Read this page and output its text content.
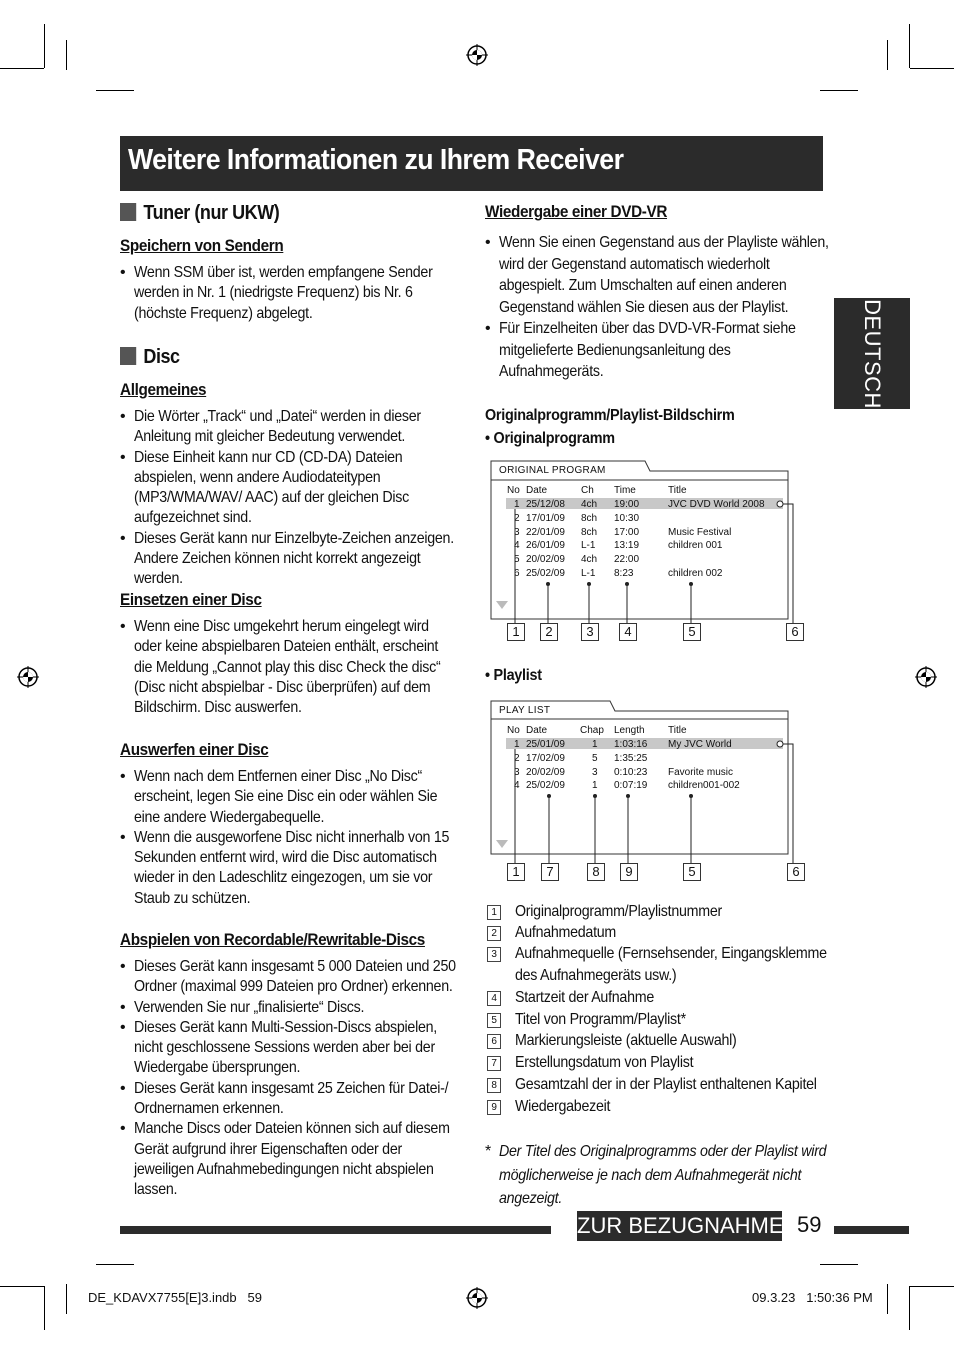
Weitere Informationen zu Ihrem Receiver
DEUTSCH
Tuner (nur UKW)
Speichern von Sendern
• Wenn SSM über ist, werden empfangene Sender werden in Nr. 1 (niedrigste Frequenz) bis Nr. 6 (höchste Frequenz) abgelegt.
Disc
Allgemeines
• Die Wörter „Track“ und „Datei“ werden in dieser Anleitung mit gleicher Bedeutung verwendet.
• Diese Einheit kann nur CD (CD-DA) Dateien abspielen, wenn andere Audiodateitypen (MP3/WMA/WAV/ AAC) auf der gleichen Disc aufgezeichnet sind.
• Dieses Gerät kann nur Einzelbyte-Zeichen anzeigen. Andere Zeichen können nicht korrekt angezeigt werden.
Einsetzen einer Disc
• Wenn eine Disc umgekehrt herum eingelegt wird oder keine abspielbaren Dateien enthält, erscheint die Meldung „Cannot play this disc Check the disc“ (Disc nicht abspielbar - Disc überprüfen) auf dem Bildschirm. Disc auswerfen.
Auswerfen einer Disc
• Wenn nach dem Entfernen einer Disc „No Disc“ erscheint, legen Sie eine Disc ein oder wählen Sie eine andere Wiedergabequelle.
• Wenn die ausgeworfene Disc nicht innerhalb von 15 Sekunden entfernt wird, wird die Disc automatisch wieder in den Ladeschlitz eingezogen, um sie vor Staub zu schützen.
Abspielen von Recordable/Rewritable-Discs
• Dieses Gerät kann insgesamt 5 000 Dateien und 250 Ordner (maximal 999 Dateien pro Ordner) erkennen.
• Verwenden Sie nur „finalisierte“ Discs.
• Dieses Gerät kann Multi-Session-Discs abspielen, nicht geschlossene Sessions werden aber bei der Wiedergabe übersprungen.
• Dieses Gerät kann insgesamt 25 Zeichen für Datei-/ Ordnernamen erkennen.
• Manche Discs oder Dateien können sich auf diesem Gerät aufgrund ihrer Eigenschaften oder der jeweiligen Aufnahmebedingungen nicht abspielen lassen.
Wiedergabe einer DVD-VR
• Wenn Sie einen Gegenstand aus der Playliste wählen, wird der Gegenstand automatisch wiederholt abgespielt. Zum Umschalten auf einen anderen Gegenstand wählen Sie diesen aus der Playlist.
• Für Einzelheiten über das DVD-VR-Format siehe mitgelieferte Bedienungsanleitung des Aufnahmegeräts.
Originalprogramm/Playlist-Bildschirm
• Originalprogramm
ORIGINAL PROGRAM
No Date	Ch Time	Title
1 25/12/08 4ch 19:00	JVC DVD World 2008
2 17/01/09 8ch 10:30
3 22/01/09 8ch 17:00	Music Festival
4 26/01/09 L-1 13:19	children 001
5 20/02/09 4ch 22:00
6 25/02/09 L-1 8:23	children 002
1	2	3	4	5	6
• Playlist
PLAY LIST
No Date	Chap Length Title
1 25/01/09	1 1:03:16 My JVC World
2 17/02/09	5 1:35:25
3 20/02/09	3 0:10:23 Favorite music
4 25/02/09	1 0:07:19 children001-002
1	7	8	9	5	6
1 Originalprogramm/Playlistnummer
2 Aufnahmedatum
3 Aufnahmequelle (Fernsehsender, Eingangsklemme
des Aufnahmegeräts usw.)
4 Startzeit der Aufnahme
5 Titel von Programm/Playlist*
6 Markierungsleiste (aktuelle Auswahl)
7 Erstellungsdatum von Playlist
8 Gesamtzahl der in der Playlist enthaltenen Kapitel
9 Wiedergabezeit
* Der Titel des Originalprogramms oder der Playlist wird möglicherweise je nach dem Aufnahmegerät nicht angezeigt.
ZUR BEZUGNAHME 59
DE_KDAVX7755[E]3.indb   59	09.3.23   1:50:36 PM
